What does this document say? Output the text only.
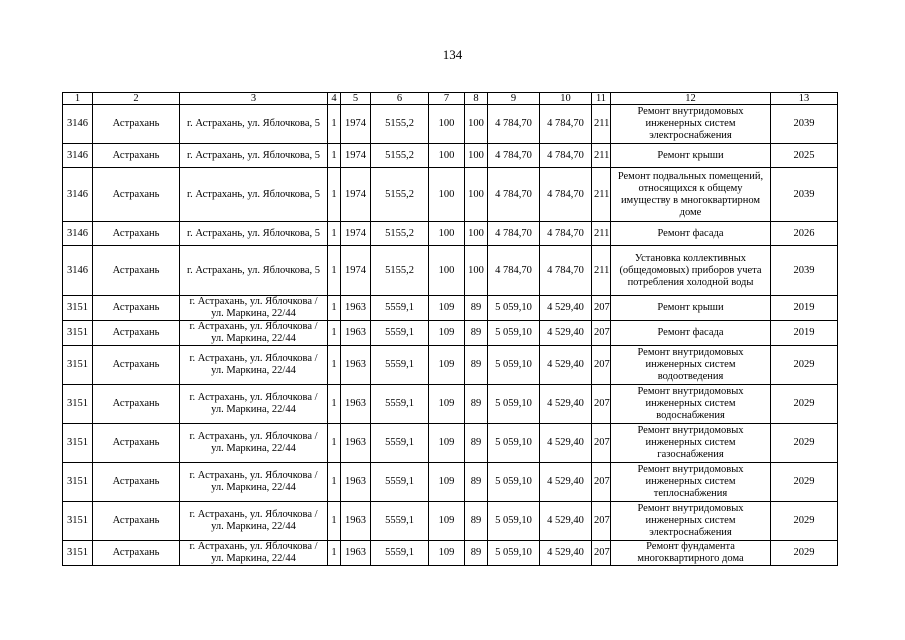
134
1	2	3	4	5	6	7	8	9	10	11	12	13
3146	Астрахань	г. Астрахань, ул. Яблочкова, 5	1	1974	5155,2	100	100	4 784,70	4 784,70	211	Ремонт внутридомовых инженерных систем электроснабжения	2039
3146	Астрахань	г. Астрахань, ул. Яблочкова, 5	1	1974	5155,2	100	100	4 784,70	4 784,70	211	Ремонт крыши	2025
3146	Астрахань	г. Астрахань, ул. Яблочкова, 5	1	1974	5155,2	100	100	4 784,70	4 784,70	211	Ремонт подвальных помещений, относящихся к общему имуществу в многоквартирном доме	2039
3146	Астрахань	г. Астрахань, ул. Яблочкова, 5	1	1974	5155,2	100	100	4 784,70	4 784,70	211	Ремонт фасада	2026
3146	Астрахань	г. Астрахань, ул. Яблочкова, 5	1	1974	5155,2	100	100	4 784,70	4 784,70	211	Установка коллективных (общедомовых) приборов учета потребления холодной воды	2039
3151	Астрахань	г. Астрахань, ул. Яблочкова / ул. Маркина, 22/44	1	1963	5559,1	109	89	5 059,10	4 529,40	207	Ремонт крыши	2019
3151	Астрахань	г. Астрахань, ул. Яблочкова / ул. Маркина, 22/44	1	1963	5559,1	109	89	5 059,10	4 529,40	207	Ремонт фасада	2019
3151	Астрахань	г. Астрахань, ул. Яблочкова / ул. Маркина, 22/44	1	1963	5559,1	109	89	5 059,10	4 529,40	207	Ремонт внутридомовых инженерных систем водоотведения	2029
3151	Астрахань	г. Астрахань, ул. Яблочкова / ул. Маркина, 22/44	1	1963	5559,1	109	89	5 059,10	4 529,40	207	Ремонт внутридомовых инженерных систем водоснабжения	2029
3151	Астрахань	г. Астрахань, ул. Яблочкова / ул. Маркина, 22/44	1	1963	5559,1	109	89	5 059,10	4 529,40	207	Ремонт внутридомовых инженерных систем газоснабжения	2029
3151	Астрахань	г. Астрахань, ул. Яблочкова / ул. Маркина, 22/44	1	1963	5559,1	109	89	5 059,10	4 529,40	207	Ремонт внутридомовых инженерных систем теплоснабжения	2029
3151	Астрахань	г. Астрахань, ул. Яблочкова / ул. Маркина, 22/44	1	1963	5559,1	109	89	5 059,10	4 529,40	207	Ремонт внутридомовых инженерных систем электроснабжения	2029
3151	Астрахань	г. Астрахань, ул. Яблочкова / ул. Маркина, 22/44	1	1963	5559,1	109	89	5 059,10	4 529,40	207	Ремонт фундамента многоквартирного дома	2029
